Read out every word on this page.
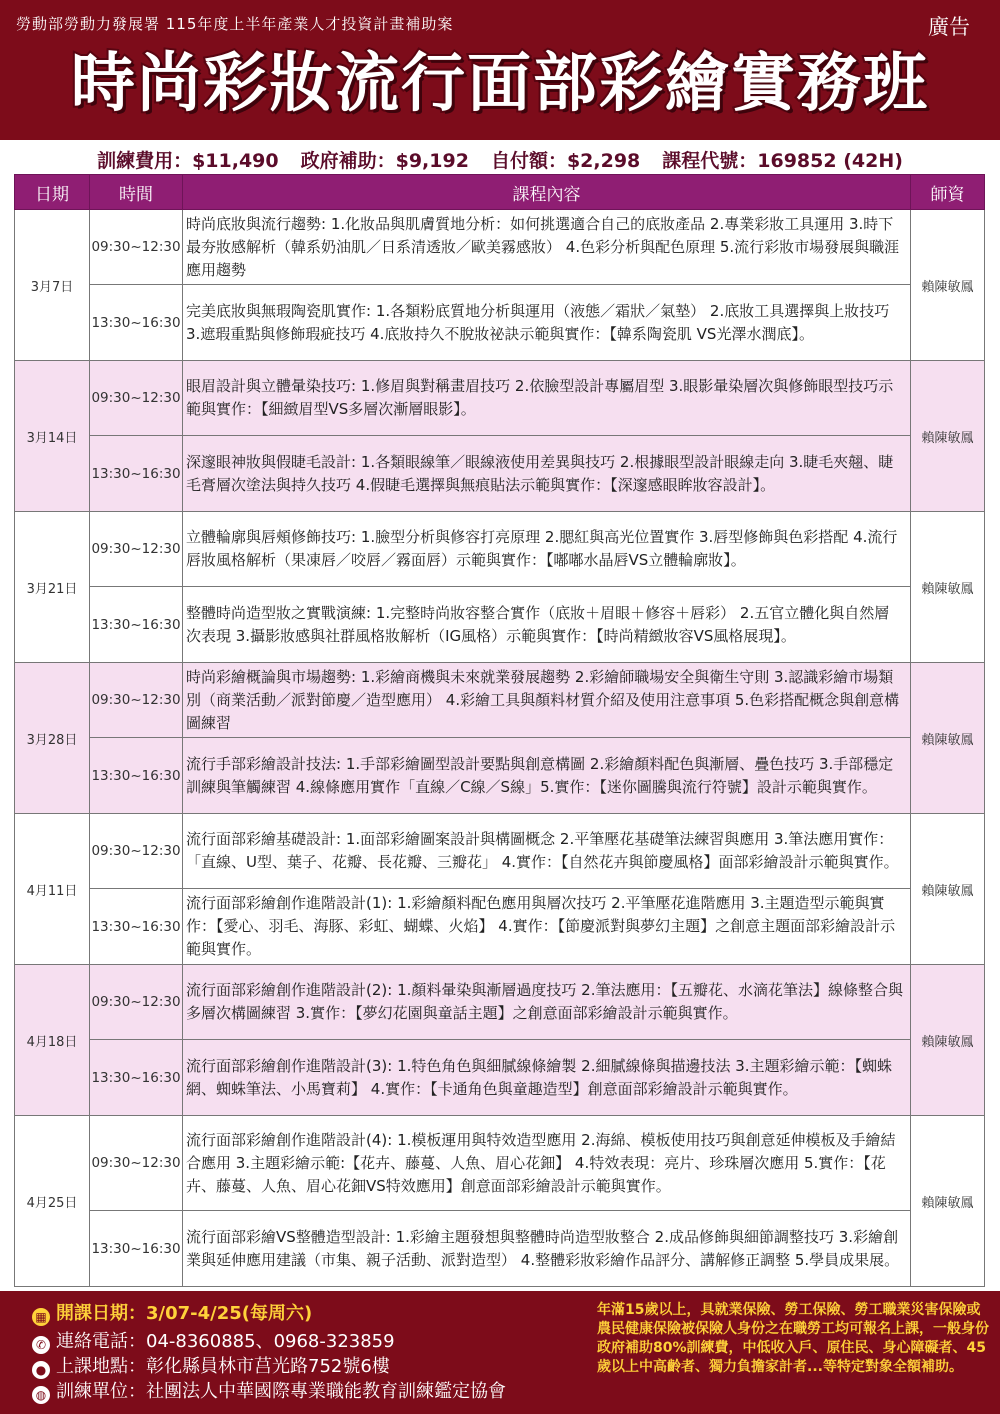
勞動部勞動力發展署 115年度上半年產業人才投資計畫補助案	廣告
時尚彩妝流行面部彩繪實務班
訓練費用：$11,490 政府補助：$9,192 自付額：$2,298 課程代號：169852 (42H)
日期	時間	課程內容	師資
3月7日	09:30~12:30	時尚底妝與流行趨勢: 1.化妝品與肌膚質地分析：如何挑選適合自己的底妝產品 2.專業彩妝工具運用 3.時下最夯妝感解析（韓系奶油肌／日系清透妝／歐美霧感妝） 4.色彩分析與配色原理 5.流行彩妝市場發展與職涯應用趨勢	賴陳敏鳳
	13:30~16:30	完美底妝與無瑕陶瓷肌實作: 1.各類粉底質地分析與運用（液態／霜狀／氣墊） 2.底妝工具選擇與上妝技巧 3.遮瑕重點與修飾瑕疵技巧 4.底妝持久不脫妝祕訣示範與實作：【韓系陶瓷肌 VS光澤水潤底】。	
3月14日	09:30~12:30	眼眉設計與立體暈染技巧: 1.修眉與對稱畫眉技巧 2.依臉型設計專屬眉型 3.眼影暈染層次與修飾眼型技巧示範與實作：【細緻眉型VS多層次漸層眼影】。	賴陳敏鳳
	13:30~16:30	深邃眼神妝與假睫毛設計: 1.各類眼線筆／眼線液使用差異與技巧 2.根據眼型設計眼線走向 3.睫毛夾翹、睫毛膏層次塗法與持久技巧 4.假睫毛選擇與無痕貼法示範與實作：【深邃感眼眸妝容設計】。	
3月21日	09:30~12:30	立體輪廓與唇頰修飾技巧: 1.臉型分析與修容打亮原理 2.腮紅與高光位置實作 3.唇型修飾與色彩搭配 4.流行唇妝風格解析（果凍唇／咬唇／霧面唇）示範與實作：【嘟嘟水晶唇VS立體輪廓妝】。	賴陳敏鳳
	13:30~16:30	整體時尚造型妝之實戰演練: 1.完整時尚妝容整合實作（底妝＋眉眼＋修容＋唇彩） 2.五官立體化與自然層次表現 3.攝影妝感與社群風格妝解析（IG風格）示範與實作：【時尚精緻妝容VS風格展現】。	
3月28日	09:30~12:30	時尚彩繪概論與市場趨勢: 1.彩繪商機與未來就業發展趨勢 2.彩繪師職場安全與衛生守則 3.認識彩繪市場類別（商業活動／派對節慶／造型應用） 4.彩繪工具與顏料材質介紹及使用注意事項 5.色彩搭配概念與創意構圖練習	賴陳敏鳳
	13:30~16:30	流行手部彩繪設計技法: 1.手部彩繪圖型設計要點與創意構圖 2.彩繪顏料配色與漸層、疊色技巧 3.手部穩定訓練與筆觸練習 4.線條應用實作「直線／C線／S線」5.實作：【迷你圖騰與流行符號】設計示範與實作。	
4月11日	09:30~12:30	流行面部彩繪基礎設計: 1.面部彩繪圖案設計與構圖概念 2.平筆壓花基礎筆法練習與應用 3.筆法應用實作：「直線、U型、葉子、花瓣、長花瓣、三瓣花」 4.實作：【自然花卉與節慶風格】面部彩繪設計示範與實作。	賴陳敏鳳
	13:30~16:30	流行面部彩繪創作進階設計(1): 1.彩繪顏料配色應用與層次技巧 2.平筆壓花進階應用 3.主題造型示範與實作：【愛心、羽毛、海豚、彩虹、蝴蝶、火焰】 4.實作：【節慶派對與夢幻主題】之創意主題面部彩繪設計示範與實作。	
4月18日	09:30~12:30	流行面部彩繪創作進階設計(2): 1.顏料暈染與漸層過度技巧 2.筆法應用：【五瓣花、水滴花筆法】線條整合與多層次構圖練習 3.實作：【夢幻花園與童話主題】之創意面部彩繪設計示範與實作。	賴陳敏鳳
	13:30~16:30	流行面部彩繪創作進階設計(3): 1.特色角色與細膩線條繪製 2.細膩線條與描邊技法 3.主題彩繪示範：【蜘蛛網、蜘蛛筆法、小馬寶莉】 4.實作：【卡通角色與童趣造型】創意面部彩繪設計示範與實作。	
4月25日	09:30~12:30	流行面部彩繪創作進階設計(4): 1.模板運用與特效造型應用 2.海綿、模板使用技巧與創意延伸模板及手繪結合應用 3.主題彩繪示範:【花卉、藤蔓、人魚、眉心花鈿】 4.特效表現：亮片、珍珠層次應用 5.實作：【花卉、藤蔓、人魚、眉心花鈿VS特效應用】創意面部彩繪設計示範與實作。	賴陳敏鳳
	13:30~16:30	流行面部彩繪VS整體造型設計: 1.彩繪主題發想與整體時尚造型妝整合 2.成品修飾與細節調整技巧 3.彩繪創業與延伸應用建議（市集、親子活動、派對造型） 4.整體彩妝彩繪作品評分、講解修正調整 5.學員成果展。	
▦ 開課日期：3/07-4/25(每周六)
✆ 連絡電話：04-8360885、0968-323859
● 上課地點：彰化縣員林市莒光路752號6樓
◍ 訓練單位：社團法人中華國際專業職能教育訓練鑑定協會
年滿15歲以上，具就業保險、勞工保險、勞工職業災害保險或農民健康保險被保險人身份之在職勞工均可報名上課，一般身份政府補助80%訓練費，中低收入戶、原住民、身心障礙者、45歲以上中高齡者、獨力負擔家計者...等特定對象全額補助。
